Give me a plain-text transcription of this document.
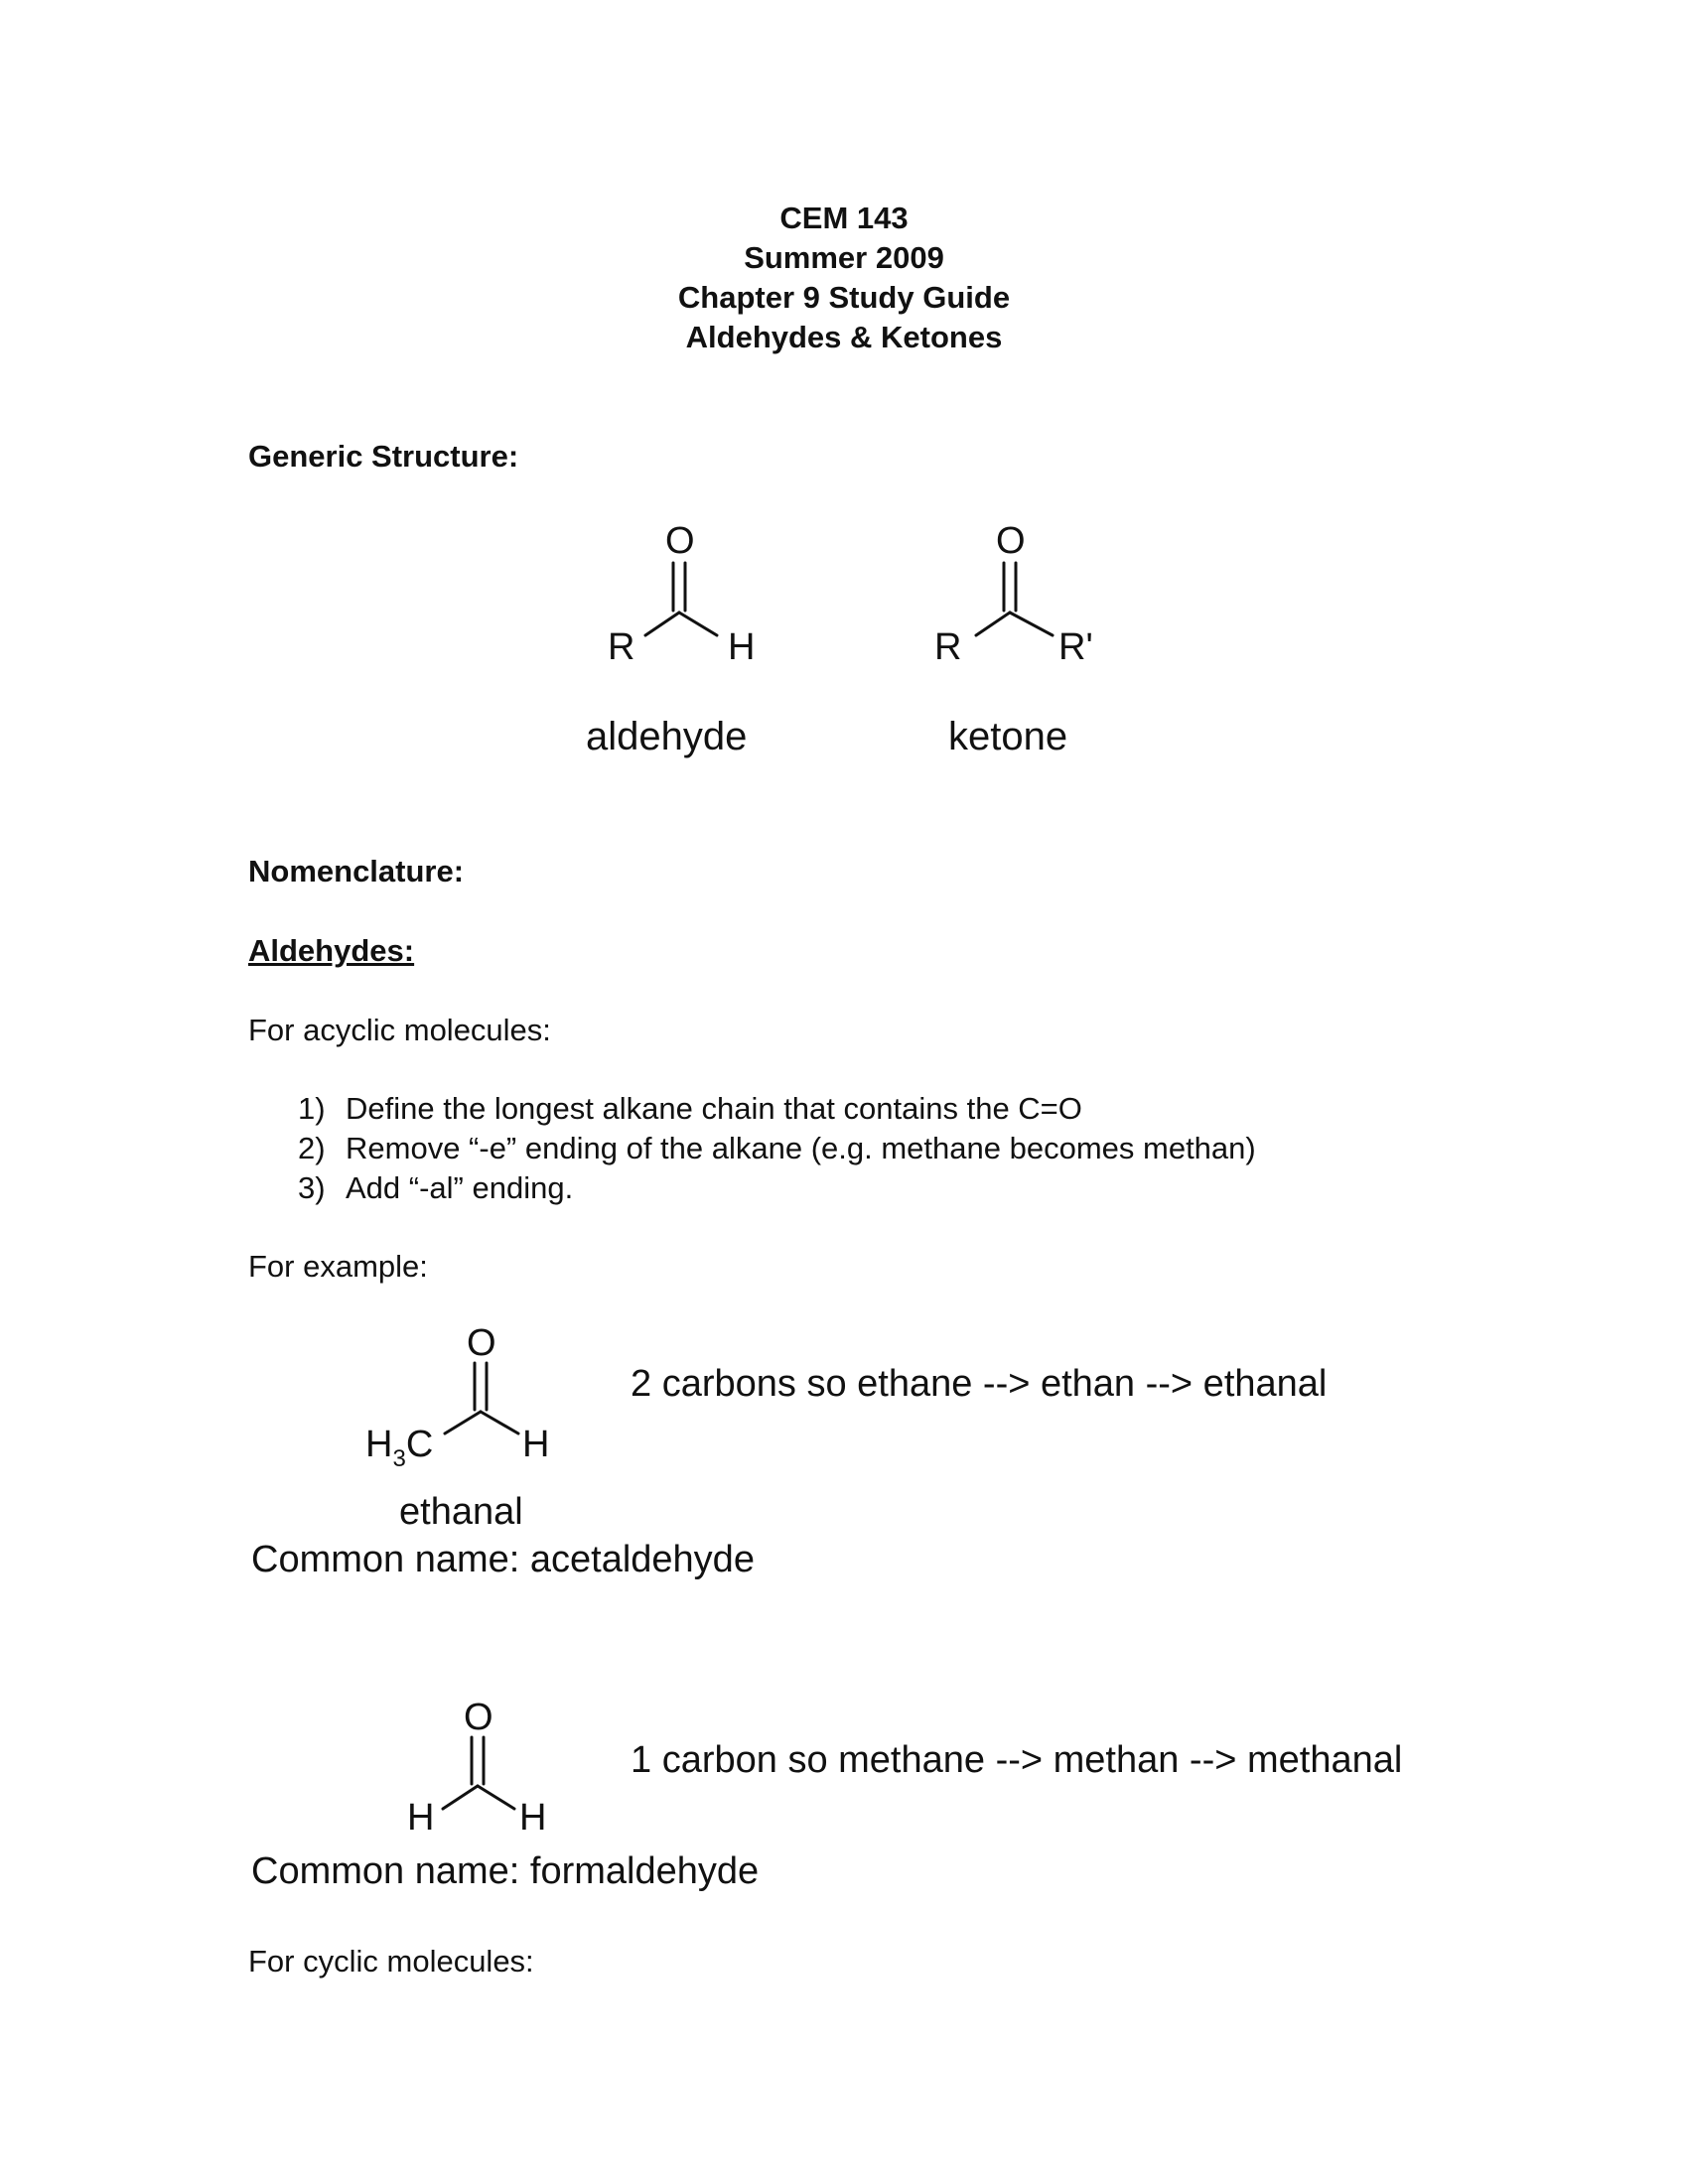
CEM 143
Summer 2009
Chapter 9 Study Guide
Aldehydes & Ketones
Generic Structure:
O
R H
aldehyde
O
R	R'
ketone
Nomenclature:
Aldehydes:
For acyclic molecules:
1) Define the longest alkane chain that contains the C=O
2) Remove “-e” ending of the alkane (e.g. methane becomes methan)
3) Add “-al” ending.
For example:
O
$H_3C$ H
2 carbons so ethane --> ethan --> ethanal
ethanal
Common name: acetaldehyde
O
H H
1 carbon so methane --> methan --> methanal
Common name: formaldehyde
For cyclic molecules:
